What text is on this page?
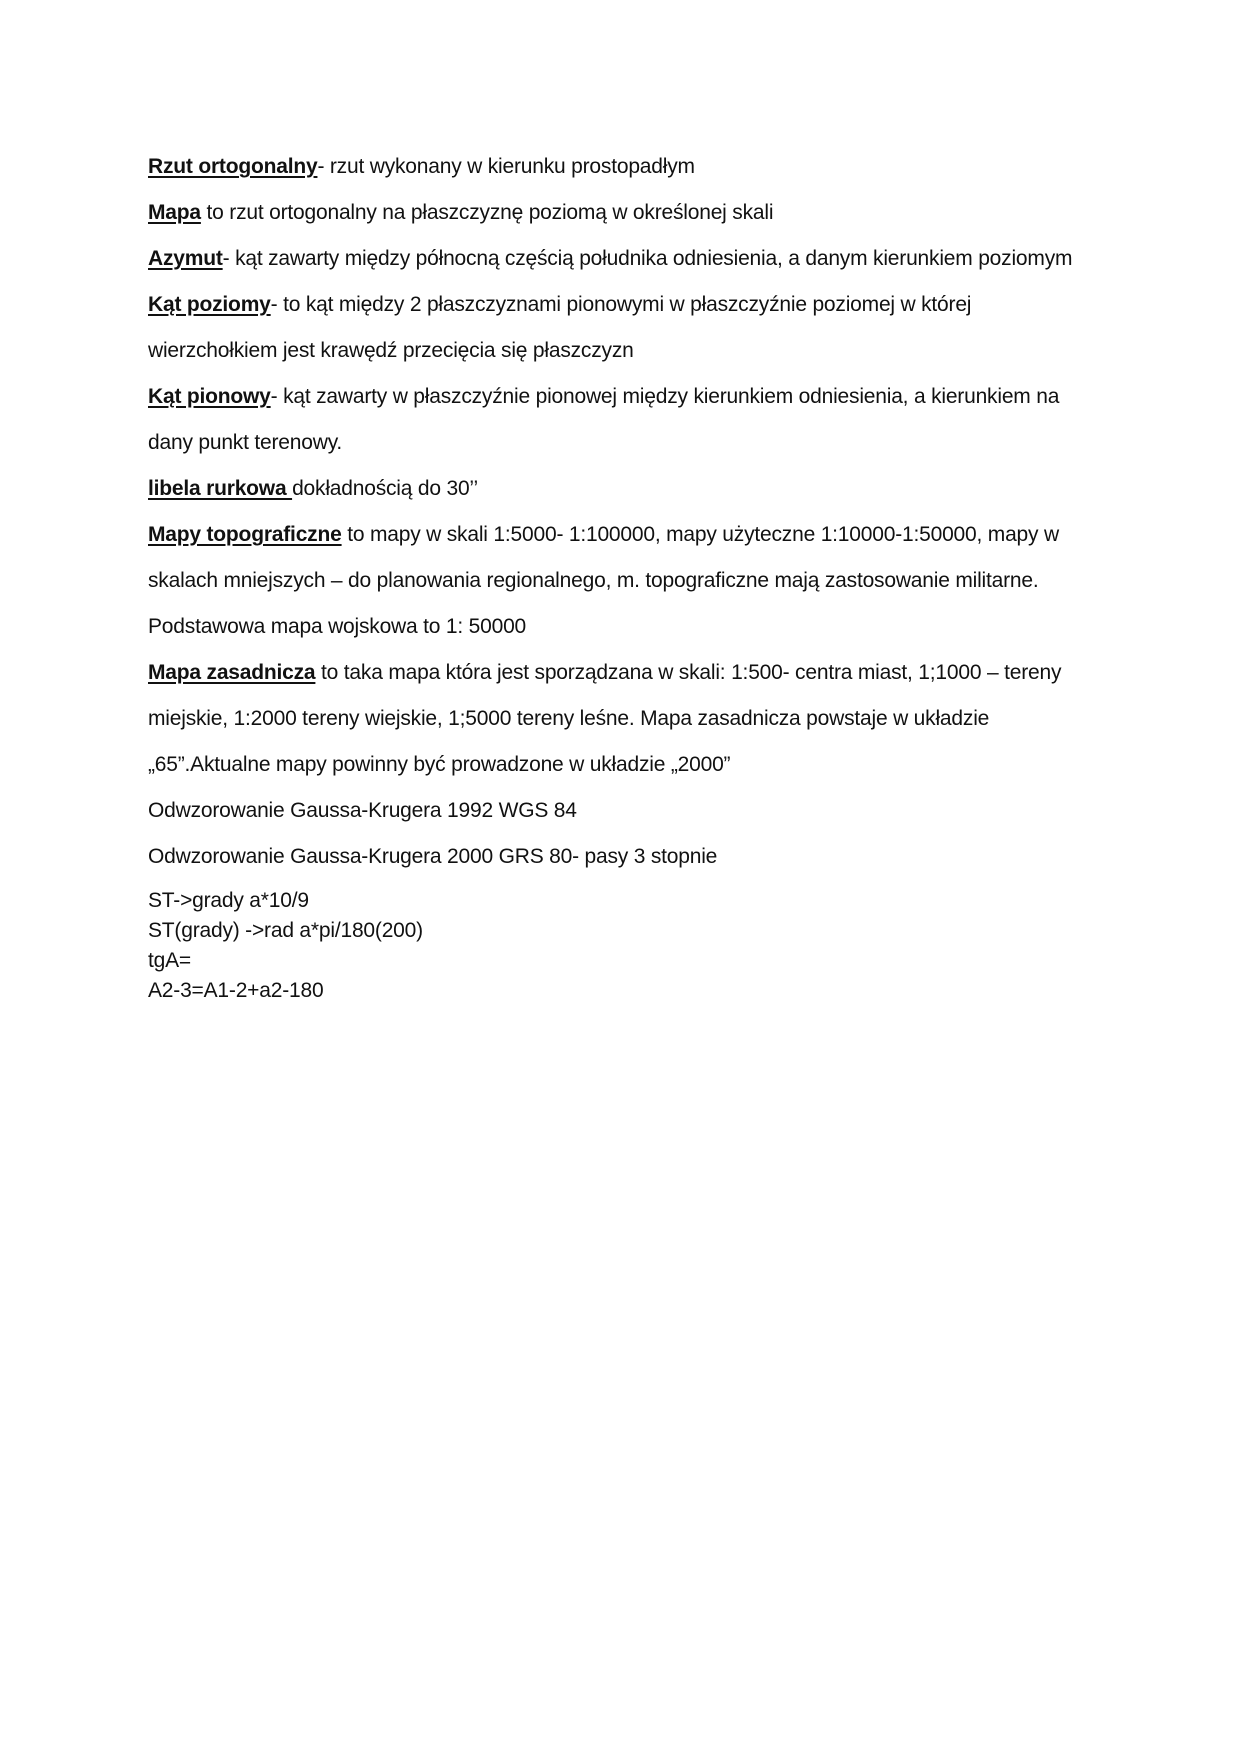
Rzut ortogonalny- rzut wykonany w kierunku prostopadłym

Mapa to rzut ortogonalny na płaszczyznę poziomą w określonej skali

Azymut- kąt zawarty między północną częścią południka odniesienia, a danym kierunkiem poziomym

Kąt poziomy- to kąt między 2 płaszczyznami pionowymi w płaszczyźnie poziomej w której wierzchołkiem jest krawędź przecięcia się płaszczyzn

Kąt pionowy- kąt zawarty w płaszczyźnie pionowej między kierunkiem odniesienia, a kierunkiem na dany punkt terenowy.

libela rurkowa dokładnością do 30’’

Mapy topograficzne to mapy w skali 1:5000- 1:100000, mapy użyteczne 1:10000-1:50000, mapy w skalach mniejszych – do planowania regionalnego, m. topograficzne mają zastosowanie militarne. Podstawowa mapa wojskowa to 1: 50000

Mapa zasadnicza to taka mapa która jest sporządzana w skali: 1:500- centra miast, 1;1000 – tereny miejskie, 1:2000 tereny wiejskie, 1;5000 tereny leśne. Mapa zasadnicza powstaje w układzie „65”.Aktualne mapy powinny być prowadzone w układzie „2000”

Odwzorowanie Gaussa-Krugera 1992 WGS 84

Odwzorowanie Gaussa-Krugera 2000 GRS 80- pasy 3 stopnie

ST->grady a*10/9

ST(grady) ->rad a*pi/180(200)

tgA=

A2-3=A1-2+a2-180
